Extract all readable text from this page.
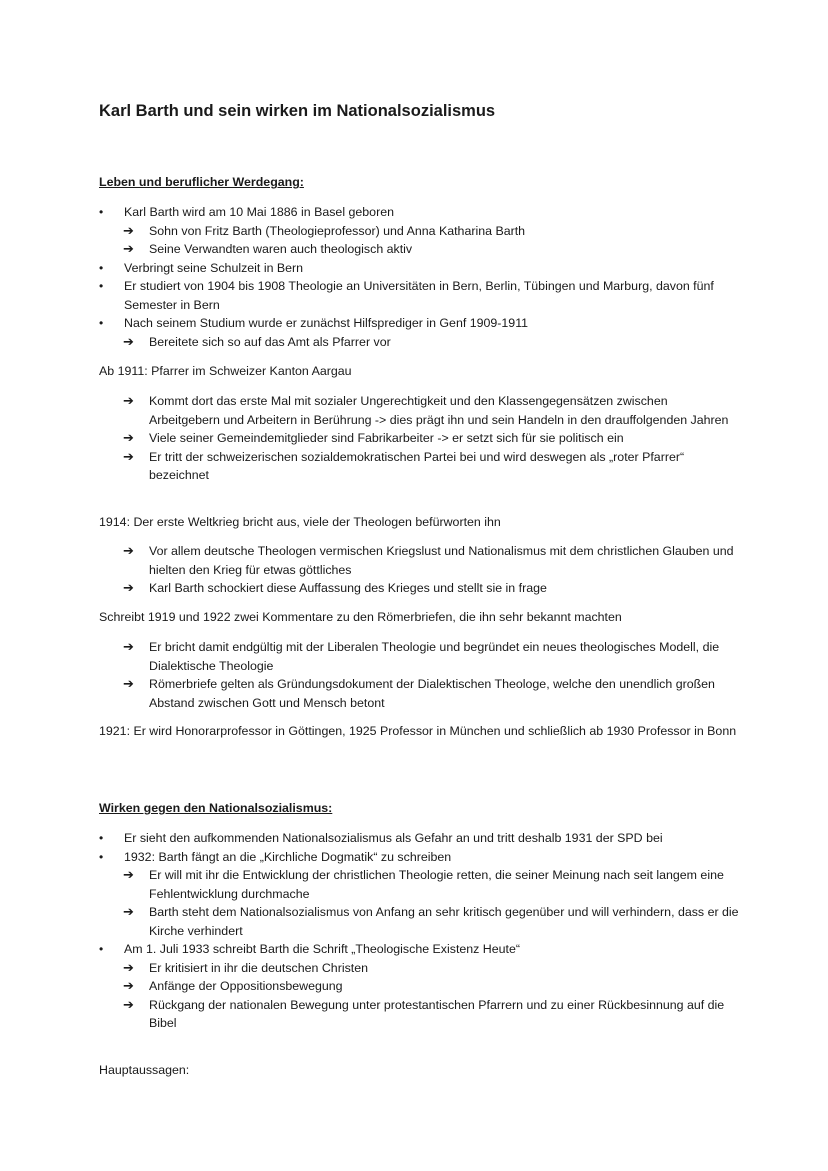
Karl Barth und sein wirken im Nationalsozialismus
Leben und beruflicher Werdegang:
•	Karl Barth wird am 10 Mai 1886 in Basel geboren
➔	Sohn von Fritz Barth (Theologieprofessor) und Anna Katharina Barth
➔	Seine Verwandten waren auch theologisch aktiv
•	Verbringt seine Schulzeit in Bern
•	Er studiert von 1904 bis 1908 Theologie an Universitäten in Bern, Berlin, Tübingen und Marburg, davon fünf Semester in Bern
•	Nach seinem Studium wurde er zunächst Hilfsprediger in Genf 1909-1911
➔	Bereitete sich so auf das Amt als Pfarrer vor
Ab 1911: Pfarrer im Schweizer Kanton Aargau
➔	Kommt dort das erste Mal mit sozialer Ungerechtigkeit und den Klassengegensätzen zwischen Arbeitgebern und Arbeitern in Berührung -> dies prägt ihn und sein Handeln in den drauffolgenden Jahren
➔	Viele seiner Gemeindemitglieder sind Fabrikarbeiter -> er setzt sich für sie politisch ein
➔	Er tritt der schweizerischen sozialdemokratischen Partei bei und wird deswegen als „roter Pfarrer“ bezeichnet
1914: Der erste Weltkrieg bricht aus, viele der Theologen befürworten ihn
➔	Vor allem deutsche Theologen vermischen Kriegslust und Nationalismus mit dem christlichen Glauben und hielten den Krieg für etwas göttliches
➔	Karl Barth schockiert diese Auffassung des Krieges und stellt sie in frage
Schreibt 1919 und 1922 zwei Kommentare zu den Römerbriefen, die ihn sehr bekannt machten
➔	Er bricht damit endgültig mit der Liberalen Theologie und begründet ein neues theologisches Modell, die Dialektische Theologie
➔	Römerbriefe gelten als Gründungsdokument der Dialektischen Theologe, welche den unendlich großen Abstand zwischen Gott und Mensch betont
1921: Er wird Honorarprofessor in Göttingen, 1925 Professor in München und schließlich ab 1930 Professor in Bonn
Wirken gegen den Nationalsozialismus:
•	Er sieht den aufkommenden Nationalsozialismus als Gefahr an und tritt deshalb 1931 der SPD bei
•	1932: Barth fängt an die „Kirchliche Dogmatik“ zu schreiben
➔	Er will mit ihr die Entwicklung der christlichen Theologie retten, die seiner Meinung nach seit langem eine Fehlentwicklung durchmache
➔	Barth steht dem Nationalsozialismus von Anfang an sehr kritisch gegenüber und will verhindern, dass er die Kirche verhindert
•	Am 1. Juli 1933 schreibt Barth die Schrift „Theologische Existenz Heute“
➔	Er kritisiert in ihr die deutschen Christen
➔	Anfänge der Oppositionsbewegung
➔	Rückgang der nationalen Bewegung unter protestantischen Pfarrern und zu einer Rückbesinnung auf die Bibel
Hauptaussagen:
